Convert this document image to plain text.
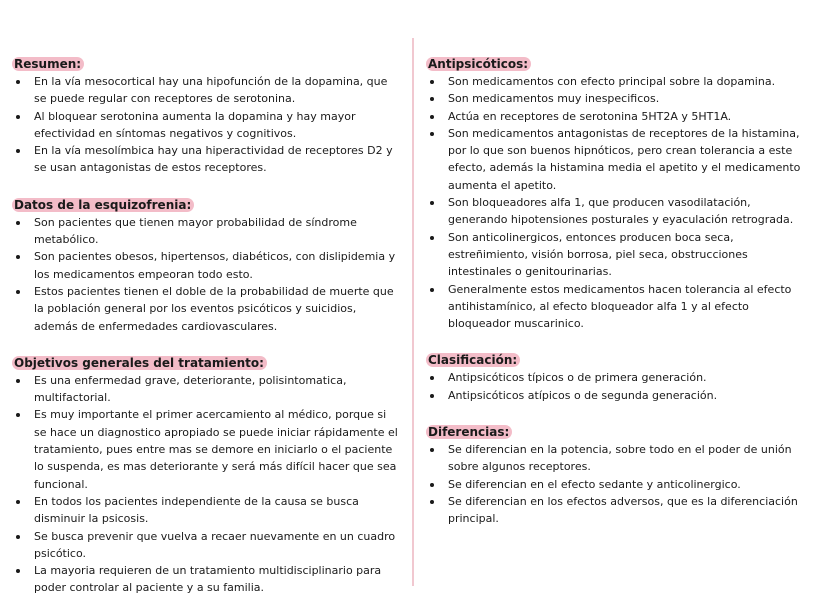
Resumen:
En la vía mesocortical hay una hipofunción de la dopamina, que se puede regular con receptores de serotonina.
Al bloquear serotonina aumenta la dopamina y hay mayor efectividad en síntomas negativos y cognitivos.
En la vía mesolímbica hay una hiperactividad de receptores D2 y se usan antagonistas de estos receptores.
Datos de la esquizofrenia:
Son pacientes que tienen mayor probabilidad de síndrome metabólico.
Son pacientes obesos, hipertensos, diabéticos, con dislipidemia y los medicamentos empeoran todo esto.
Estos pacientes tienen el doble de la probabilidad de muerte que la población general por los eventos psicóticos y suicidios, además de enfermedades cardiovasculares.
Objetivos generales del tratamiento:
Es una enfermedad grave, deteriorante, polisintomatica, multifactorial.
Es muy importante el primer acercamiento al médico, porque si se hace un diagnostico apropiado se puede iniciar rápidamente el tratamiento, pues entre mas se demore en iniciarlo o el paciente lo suspenda, es mas deteriorante y será más difícil hacer que sea funcional.
En todos los pacientes independiente de la causa se busca disminuir la psicosis.
Se busca prevenir que vuelva a recaer nuevamente en un cuadro psicótico.
La mayoria requieren de un tratamiento multidisciplinario para poder controlar al paciente y a su familia.
Antipsicóticos:
Son medicamentos con efecto principal sobre la dopamina.
Son medicamentos muy inespecificos.
Actúa en receptores de serotonina 5HT2A y 5HT1A.
Son medicamentos antagonistas de receptores de la histamina, por lo que son buenos hipnóticos, pero crean tolerancia a este efecto, además la histamina media el apetito y el medicamento aumenta el apetito.
Son bloqueadores alfa 1, que producen vasodilatación, generando hipotensiones posturales y eyaculación retrograda.
Son anticolinergicos, entonces producen boca seca, estreñimiento, visión borrosa, piel seca, obstrucciones intestinales o genitourinarias.
Generalmente estos medicamentos hacen tolerancia al efecto antihistamínico, al efecto bloqueador alfa 1 y al efecto bloqueador muscarinico.
Clasificación:
Antipsicóticos típicos o de primera generación.
Antipsicóticos atípicos o de segunda generación.
Diferencias:
Se diferencian en la potencia, sobre todo en el poder de unión sobre algunos receptores.
Se diferencian en el efecto sedante y anticolinergico.
Se diferencian en los efectos adversos, que es la diferenciación principal.
